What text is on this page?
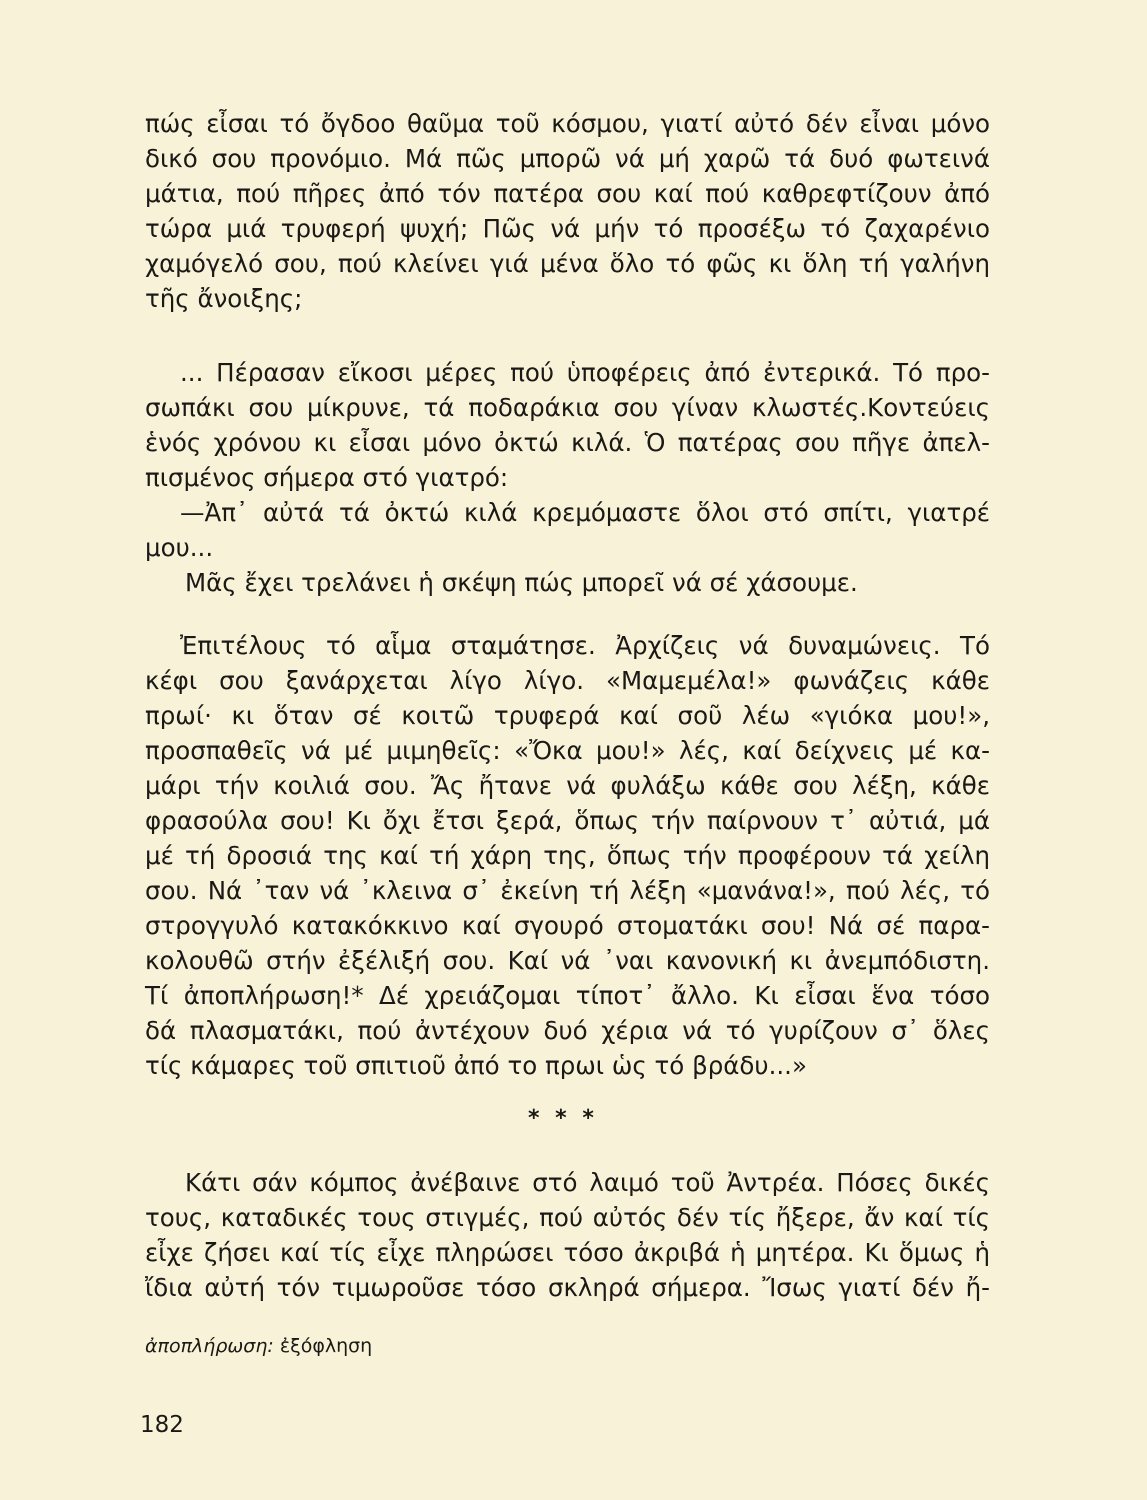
πώς εἶσαι τό ὄγδοο θαῦμα τοῦ κόσμου, γιατί αὐτό δέν εἶναι μόνο
δικό σου προνόμιο. Μά πῶς μπορῶ νά μή χαρῶ τά δυό φωτεινά
μάτια, πού πῆρες ἀπό τόν πατέρα σου καί πού καθρεφτίζουν ἀπό
τώρα μιά τρυφερή ψυχή; Πῶς νά μήν τό προσέξω τό ζαχαρένιο
χαμόγελό σου, πού κλείνει γιά μένα ὅλο τό φῶς κι ὅλη τή γαλήνη
τῆς ἄνοιξης;
... Πέρασαν εἴκοσι μέρες πού ὑποφέρεις ἀπό ἐντερικά. Τό προ-
σωπάκι σου μίκρυνε, τά ποδαράκια σου γίναν κλωστές.Κοντεύεις
ἑνός χρόνου κι εἶσαι μόνο ὀκτώ κιλά. Ὁ πατέρας σου πῆγε ἀπελ-
πισμένος σήμερα στό γιατρό:
—Ἀπ᾽ αὐτά τά ὀκτώ κιλά κρεμόμαστε ὅλοι στό σπίτι, γιατρέ
μου...
Μᾶς ἔχει τρελάνει ἡ σκέψη πώς μπορεῖ νά σέ χάσουμε.
Ἐπιτέλους τό αἷμα σταμάτησε. Ἀρχίζεις νά δυναμώνεις. Τό
κέφι σου ξανάρχεται λίγο λίγο. «Μαμεμέλα!» φωνάζεις κάθε
πρωί· κι ὅταν σέ κοιτῶ τρυφερά καί σοῦ λέω «γιόκα μου!»,
προσπαθεῖς νά μέ μιμηθεῖς: «Ὄκα μου!» λές, καί δείχνεις μέ κα-
μάρι τήν κοιλιά σου. Ἄς ἤτανε νά φυλάξω κάθε σου λέξη, κάθε
φρασούλα σου! Κι ὄχι ἔτσι ξερά, ὅπως τήν παίρνουν τ᾽ αὐτιά, μά
μέ τή δροσιά της καί τή χάρη της, ὅπως τήν προφέρουν τά χείλη
σου. Νά ᾽ταν νά ᾽κλεινα σ᾽ ἐκείνη τή λέξη «μανάνα!», πού λές, τό
στρογγυλό κατακόκκινο καί σγουρό στοματάκι σου! Νά σέ παρα-
κολουθῶ στήν ἐξέλιξή σου. Καί νά ᾽ναι κανονική κι ἀνεμπόδιστη.
Τί ἀποπλήρωση!* Δέ χρειάζομαι τίποτ᾽ ἄλλο. Κι εἶσαι ἕνα τόσο
δά πλασματάκι, πού ἀντέχουν δυό χέρια νά τό γυρίζουν σ᾽ ὅλες
τίς κάμαρες τοῦ σπιτιοῦ ἀπό το πρωι ὡς τό βράδυ...»
* * *
Κάτι σάν κόμπος ἀνέβαινε στό λαιμό τοῦ Ἀντρέα. Πόσες δικές
τους, καταδικές τους στιγμές, πού αὐτός δέν τίς ἤξερε, ἄν καί τίς
εἶχε ζήσει καί τίς εἶχε πληρώσει τόσο ἀκριβά ἡ μητέρα. Κι ὅμως ἡ
ἴδια αὐτή τόν τιμωροῦσε τόσο σκληρά σήμερα. Ἴσως γιατί δέν ἤ-
ἀποπλήρωση: ἐξόφληση
182
